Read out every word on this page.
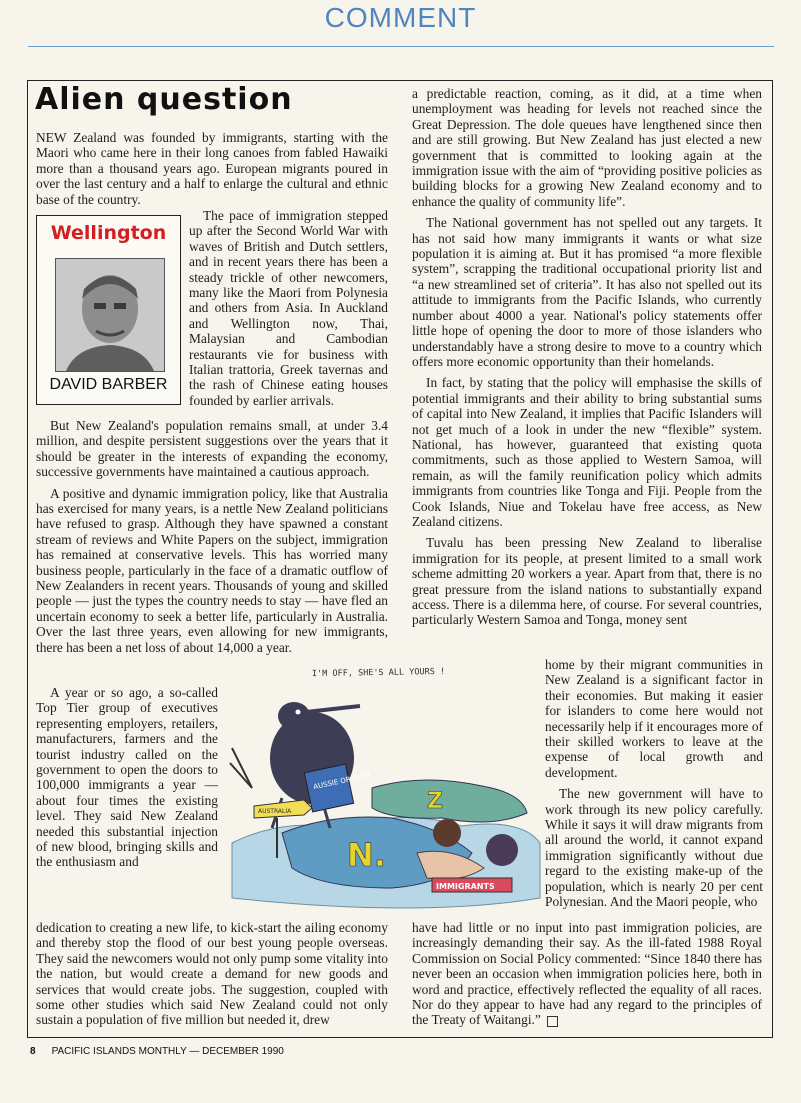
COMMENT
Alien question

NEW Zealand was founded by immigrants, starting with the Maori who came here in their long canoes from fabled Hawaiki more than a thousand years ago. European migrants poured in over the last century and a half to enlarge the cultural and ethnic base of the country.

Wellington
DAVID BARBER

The pace of immigration stepped up after the Second World War with waves of British and Dutch settlers, and in recent years there has been a steady trickle of other newcomers, many like the Maori from Polynesia and others from Asia. In Auckland and Wellington now, Thai, Malaysian and Cambodian restaurants vie for business with Italian trattoria, Greek tavernas and the rash of Chinese eating houses founded by earlier arrivals.

But New Zealand's population remains small, at under 3.4 million, and despite persistent suggestions over the years that it should be greater in the interests of expanding the economy, successive governments have maintained a cautious approach.

A positive and dynamic immigration policy, like that Australia has exercised for many years, is a nettle New Zealand politicians have refused to grasp. Although they have spawned a constant stream of reviews and White Papers on the subject, immigration has remained at conservative levels. This has worried many business people, particularly in the face of a dramatic outflow of New Zealanders in recent years. Thousands of young and skilled people — just the types the country needs to stay — have fled an uncertain economy to seek a better life, particularly in Australia. Over the last three years, even allowing for new immigrants, there has been a net loss of about 14,000 a year.

A year or so ago, a so-called Top Tier group of executives representing employers, retailers, manufacturers, farmers and the tourist industry called on the government to open the doors to 100,000 immigrants a year — about four times the existing level. They said New Zealand needed this substantial injection of new blood, bringing skills and the enthusiasm and

dedication to creating a new life, to kick-start the ailing economy and thereby stop the flood of our best young people overseas. They said the newcomers would not only pump some vitality into the nation, but would create a demand for new goods and services that would create jobs. The suggestion, coupled with some other studies which said New Zealand could not only sustain a population of five million but needed it, drew

a predictable reaction, coming, as it did, at a time when unemployment was heading for levels not reached since the Great Depression. The dole queues have lengthened since then and are still growing. But New Zealand has just elected a new government that is committed to looking again at the immigration issue with the aim of “providing positive policies as building blocks for a growing New Zealand economy and to enhance the quality of community life”.

The National government has not spelled out any targets. It has not said how many immigrants it wants or what size population it is aiming at. But it has promised “a more flexible system”, scrapping the traditional occupational priority list and “a new streamlined set of criteria”. It has also not spelled out its attitude to immigrants from the Pacific Islands, who currently number about 4000 a year. National's policy statements offer little hope of opening the door to more of those islanders who understandably have a strong desire to move to a country which offers more economic opportunity than their homelands.

In fact, by stating that the policy will emphasise the skills of potential immigrants and their ability to bring substantial sums of capital into New Zealand, it implies that Pacific Islanders will not get much of a look in under the new “flexible” system. National, has however, guaranteed that existing quota commitments, such as those applied to Western Samoa, will remain, as will the family reunification policy which admits immigrants from countries like Tonga and Fiji. People from the Cook Islands, Niue and Tokelau have free access, as New Zealand citizens.

Tuvalu has been pressing New Zealand to liberalise immigration for its people, at present limited to a small work scheme admitting 20 workers a year. Apart from that, there is no great pressure from the island nations to substantially expand access. There is a dilemma here, of course. For several countries, particularly Western Samoa and Tonga, money sent

home by their migrant communities in New Zealand is a significant factor in their economies. But making it easier for islanders to come here would not necessarily help if it encourages more of their skilled workers to leave at the expense of local growth and development.

The new government will have to work through its new policy carefully. While it says it will draw migrants from all around the world, it cannot expand immigration significantly without due regard to the existing make-up of the population, which is nearly 20 per cent Polynesian. And the Maori people, who

have had little or no input into past immigration policies, are increasingly demanding their say. As the ill-fated 1988 Royal Commission on Social Policy commented: “Since 1840 there has never been an occasion when immigration policies here, both in word and practice, effectively reflected the equality of all races. Nor do they appear to have had any regard to the principles of the Treaty of Waitangi.”

I'M OFF, SHE'S ALL YOURS !
Z
N.
AUSSIE OR BUST
AUSTRALIA
IMMIGRANTS
8 PACIFIC ISLANDS MONTHLY — DECEMBER 1990
